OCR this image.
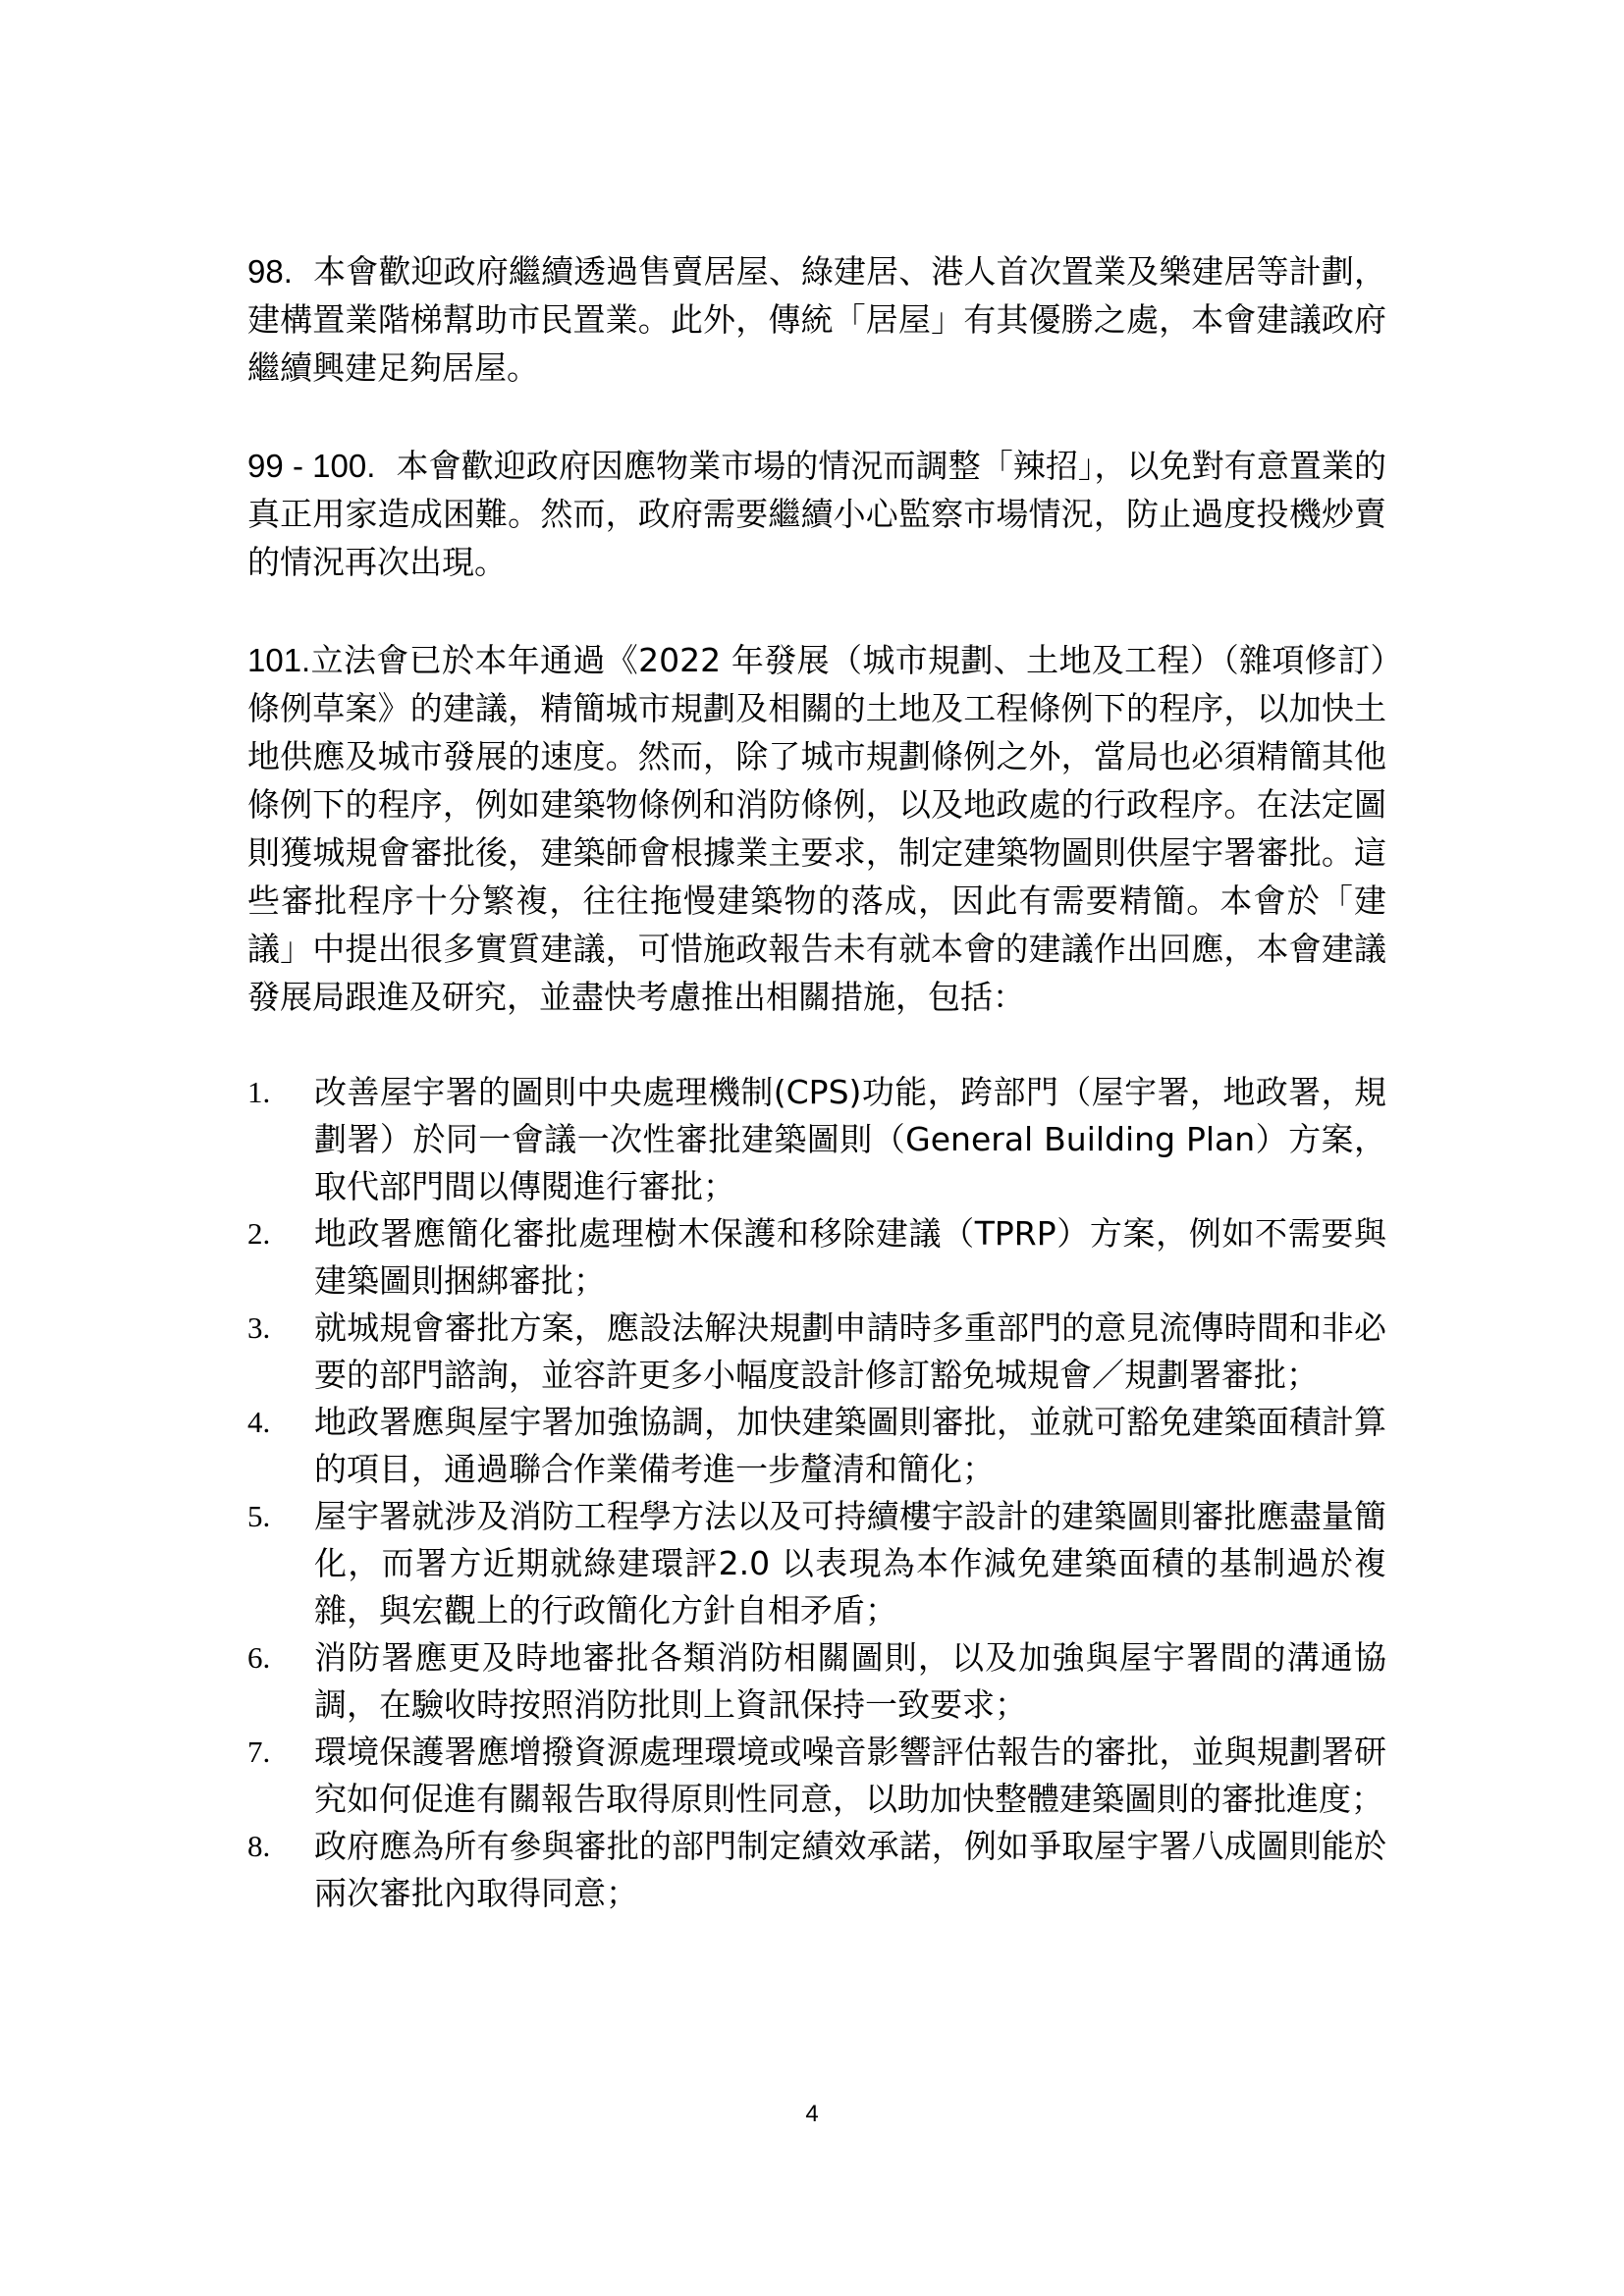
98. 本會歡迎政府繼續透過售賣居屋、綠建居、港人首次置業及樂建居等計劃，建構置業階梯幫助市民置業。此外，傳統「居屋」有其優勝之處，本會建議政府繼續興建足夠居屋。

99 - 100. 本會歡迎政府因應物業市場的情況而調整「辣招」，以免對有意置業的真正用家造成困難。然而，政府需要繼續小心監察市場情況，防止過度投機炒賣的情況再次出現。

101.立法會已於本年通過《2022 年發展（城市規劃、土地及工程）（雜項修訂）條例草案》的建議，精簡城市規劃及相關的土地及工程條例下的程序，以加快土地供應及城市發展的速度。然而，除了城市規劃條例之外，當局也必須精簡其他條例下的程序，例如建築物條例和消防條例，以及地政處的行政程序。在法定圖則獲城規會審批後，建築師會根據業主要求，制定建築物圖則供屋宇署審批。這些審批程序十分繁複，往往拖慢建築物的落成，因此有需要精簡。本會於「建議」中提出很多實質建議，可惜施政報告未有就本會的建議作出回應，本會建議發展局跟進及研究，並盡快考慮推出相關措施，包括：

1.	改善屋宇署的圖則中央處理機制(CPS)功能，跨部門（屋宇署，地政署，規劃署）於同一會議一次性審批建築圖則（General Building Plan）方案，取代部門間以傳閱進行審批；
2.	地政署應簡化審批處理樹木保護和移除建議（TPRP）方案，例如不需要與建築圖則捆綁審批；
3.	就城規會審批方案，應設法解決規劃申請時多重部門的意見流傳時間和非必要的部門諮詢，並容許更多小幅度設計修訂豁免城規會／規劃署審批；
4.	地政署應與屋宇署加強協調，加快建築圖則審批，並就可豁免建築面積計算的項目，通過聯合作業備考進一步釐清和簡化；
5.	屋宇署就涉及消防工程學方法以及可持續樓宇設計的建築圖則審批應盡量簡化，而署方近期就綠建環評2.0 以表現為本作減免建築面積的基制過於複雜，與宏觀上的行政簡化方針自相矛盾；
6.	消防署應更及時地審批各類消防相關圖則，以及加強與屋宇署間的溝通協調，在驗收時按照消防批則上資訊保持一致要求；
7.	環境保護署應增撥資源處理環境或噪音影響評估報告的審批，並與規劃署研究如何促進有關報告取得原則性同意，以助加快整體建築圖則的審批進度；
8.	政府應為所有參與審批的部門制定績效承諾，例如爭取屋宇署八成圖則能於兩次審批內取得同意；
4
